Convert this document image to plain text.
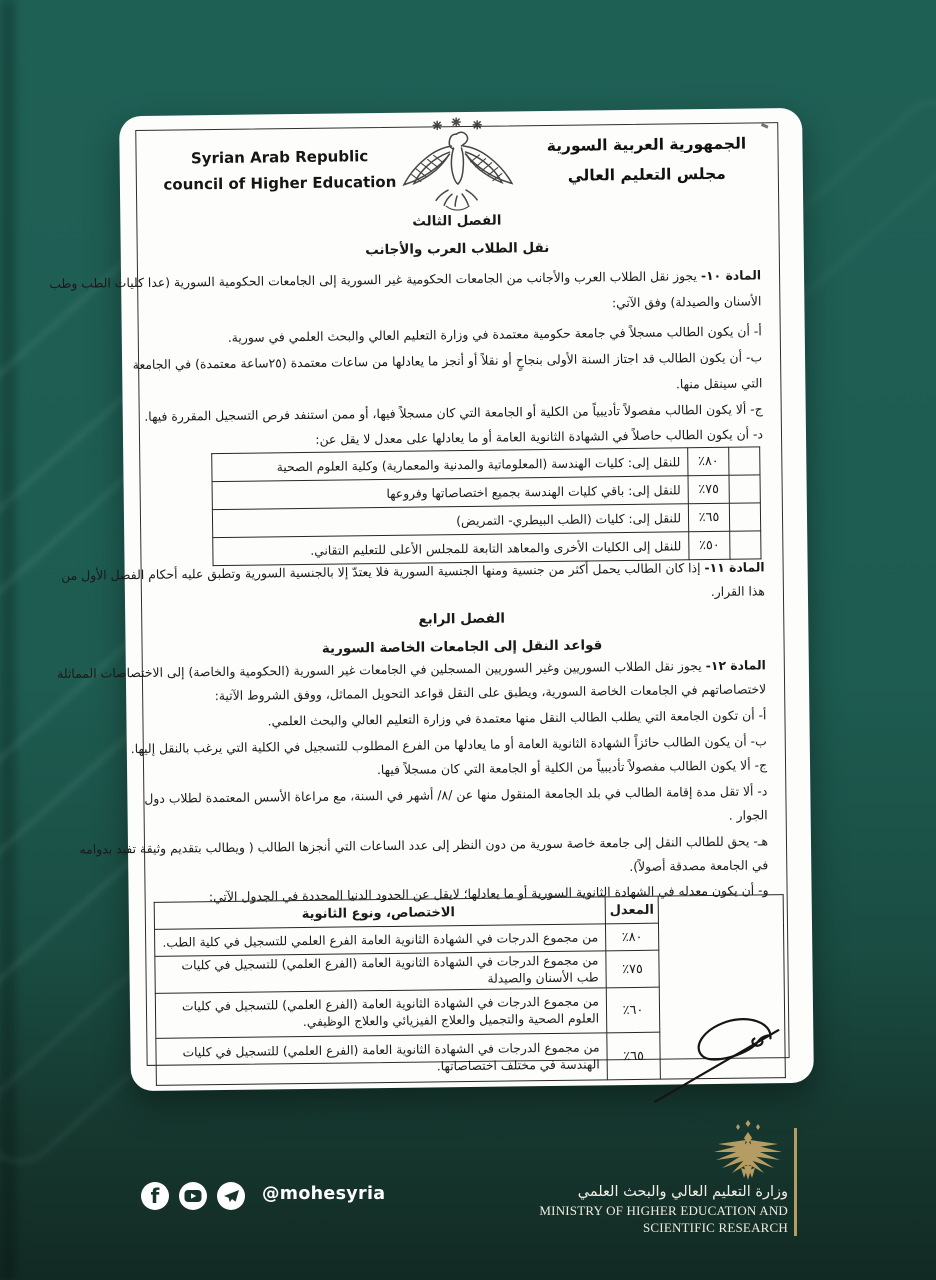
Syrian Arab Republic
council of Higher Education
الجمهورية العربية السورية
مجلس التعليم العالي
الفصل الثالث
نقل الطلاب العرب والأجانب
المادة ١٠- يجوز نقل الطلاب العرب والأجانب من الجامعات الحكومية غير السورية إلى الجامعات الحكومية السورية (عدا كليات الطب وطب
الأسنان والصيدلة) وفق الآتي:
أ- أن يكون الطالب مسجلاً في جامعة حكومية معتمدة في وزارة التعليم العالي والبحث العلمي في سورية.
ب- أن يكون الطالب قد اجتاز السنة الأولى بنجاحٍ أو نقلاً أو أنجز ما يعادلها من ساعات معتمدة (٢٥ساعة معتمدة) في الجامعة
التي سينقل منها.
ج- ألا يكون الطالب مفصولاً تأديبياً من الكلية أو الجامعة التي كان مسجلاً فيها، أو ممن استنفد فرص التسجيل المقررة فيها.
د- أن يكون الطالب حاصلاً في الشهادة الثانوية العامة أو ما يعادلها على معدل لا يقل عن:
	٪٨٠	للنقل إلى: كليات الهندسة (المعلوماتية والمدنية والمعمارية) وكلية العلوم الصحية
	٪٧٥	للنقل إلى: باقي كليات الهندسة بجميع اختصاصاتها وفروعها
	٪٦٥	للنقل إلى: كليات (الطب البيطري- التمريض)
	٪٥٠	للنقل إلى الكليات الأخرى والمعاهد التابعة للمجلس الأعلى للتعليم التقاني.
المادة ١١- إذا كان الطالب يحمل أكثر من جنسية ومنها الجنسية السورية فلا يعتدّ إلا بالجنسية السورية وتطبق عليه أحكام الفصل الأول من
هذا القرار.
الفصل الرابع
قواعد النقل إلى الجامعات الخاصة السورية
المادة ١٢- يجوز نقل الطلاب السوريين وغير السوريين المسجلين في الجامعات غير السورية (الحكومية والخاصة) إلى الاختصاصات المماثلة
لاختصاصاتهم في الجامعات الخاصة السورية، ويطبق على النقل قواعد التحويل المماثل، ووفق الشروط الآتية:
أ- أن تكون الجامعة التي يطلب الطالب النقل منها معتمدة في وزارة التعليم العالي والبحث العلمي.
ب- أن يكون الطالب حائزاً الشهادة الثانوية العامة أو ما يعادلها من الفرع المطلوب للتسجيل في الكلية التي يرغب بالنقل إليها.
ج- ألا يكون الطالب مفصولاً تأديبياً من الكلية أو الجامعة التي كان مسجلاً فيها.
د- ألا تقل مدة إقامة الطالب في بلد الجامعة المنقول منها عن /٨/ أشهر في السنة، مع مراعاة الأسس المعتمدة لطلاب دول
الجوار .
هـ- يحق للطالب النقل إلى جامعة خاصة سورية من دون النظر إلى عدد الساعات التي أنجزها الطالب ( ويطالب بتقديم وثيقة تفيد بدوامه
في الجامعة مصدقة أصولاً).
و- أن يكون معدله في الشهادة الثانوية السورية أو ما يعادلها؛ لايقل عن الحدود الدنيا المحددة في الجدول الآتي:
	المعدل	الاختصاص، ونوع الثانوية
	٪٨٠	من مجموع الدرجات في الشهادة الثانوية العامة الفرع العلمي للتسجيل في كلية الطب.
	٪٧٥	من مجموع الدرجات في الشهادة الثانوية العامة (الفرع العلمي) للتسجيل في كليات طب الأسنان والصيدلة
	٪٦٠	من مجموع الدرجات في الشهادة الثانوية العامة (الفرع العلمي) للتسجيل في كليات العلوم الصحية والتجميل والعلاج الفيزيائي والعلاج الوظيفي.
	٪٦٥	من مجموع الدرجات في الشهادة الثانوية العامة (الفرع العلمي) للتسجيل في كليات الهندسة في مختلف اختصاصاتها.
f	@mohesyria	وزارة التعليم العالي والبحث العلمي
MINISTRY OF HIGHER EDUCATION AND
SCIENTIFIC RESEARCH
